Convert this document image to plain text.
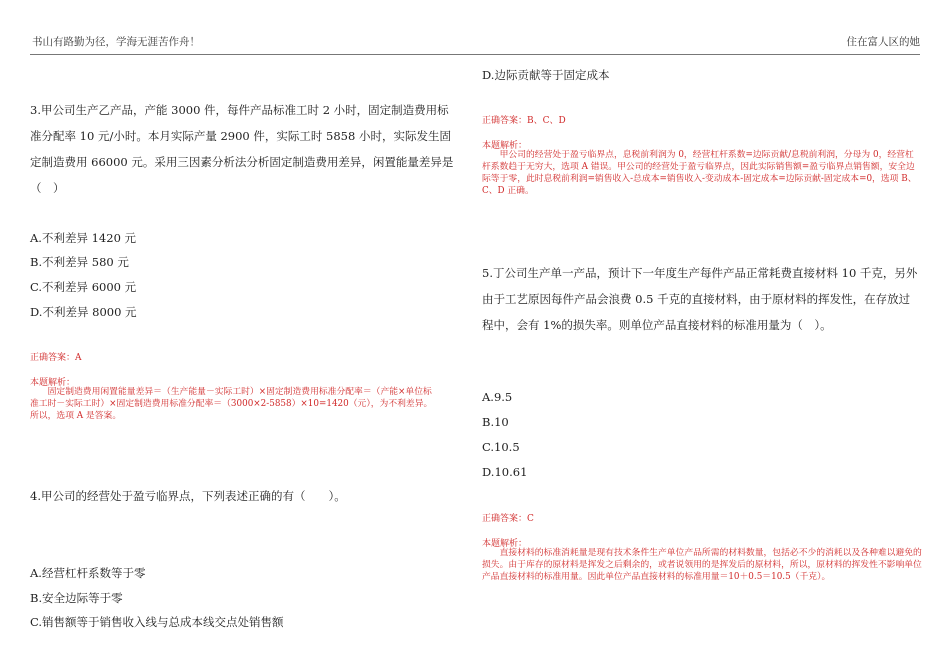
书山有路勤为径，学海无涯苦作舟！	住在富人区的她

3.甲公司生产乙产品，产能 3000 件，每件产品标准工时 2 小时，固定制造费用标准分配率 10 元/小时。本月实际产量 2900 件，实际工时 5858 小时，实际发生固定制造费用 66000 元。采用三因素分析法分析固定制造费用差异，闲置能量差异是（　）

A.不利差异 1420 元

B.不利差异 580 元

C.不利差异 6000 元

D.不利差异 8000 元

正确答案：A

本题解析：

固定制造费用闲置能量差异＝（生产能量－实际工时）×固定制造费用标准分配率＝（产能×单位标准工时－实际工时）×固定制造费用标准分配率＝（3000×2-5858）×10=1420（元），为不利差异。所以，选项 A 是答案。

4.甲公司的经营处于盈亏临界点，下列表述正确的有（　　）。

A.经营杠杆系数等于零

B.安全边际等于零

C.销售额等于销售收入线与总成本线交点处销售额

D.边际贡献等于固定成本

正确答案：B、C、D

本题解析：

甲公司的经营处于盈亏临界点，息税前利润为 0，经营杠杆系数=边际贡献/息税前利润，分母为 0，经营杠杆系数趋于无穷大，选项 A 错误。甲公司的经营处于盈亏临界点，因此实际销售额=盈亏临界点销售额，安全边际等于零，此时息税前利润=销售收入-总成本=销售收入-变动成本-固定成本=边际贡献-固定成本=0，选项 B、C、D 正确。

5.丁公司生产单一产品，预计下一年度生产每件产品正常耗费直接材料 10 千克，另外由于工艺原因每件产品会浪费 0.5 千克的直接材料，由于原材料的挥发性，在存放过程中，会有 1%的损失率。则单位产品直接材料的标准用量为（　）。

A.9.5

B.10

C.10.5

D.10.61

正确答案：C

本题解析：

直接材料的标准消耗量是现有技术条件生产单位产品所需的材料数量，包括必不少的消耗以及各种难以避免的损失。由于库存的原材料是挥发之后剩余的，或者说领用的是挥发后的原材料，所以，原材料的挥发性不影响单位产品直接材料的标准用量。因此单位产品直接材料的标准用量＝10＋0.5＝10.5（千克）。
